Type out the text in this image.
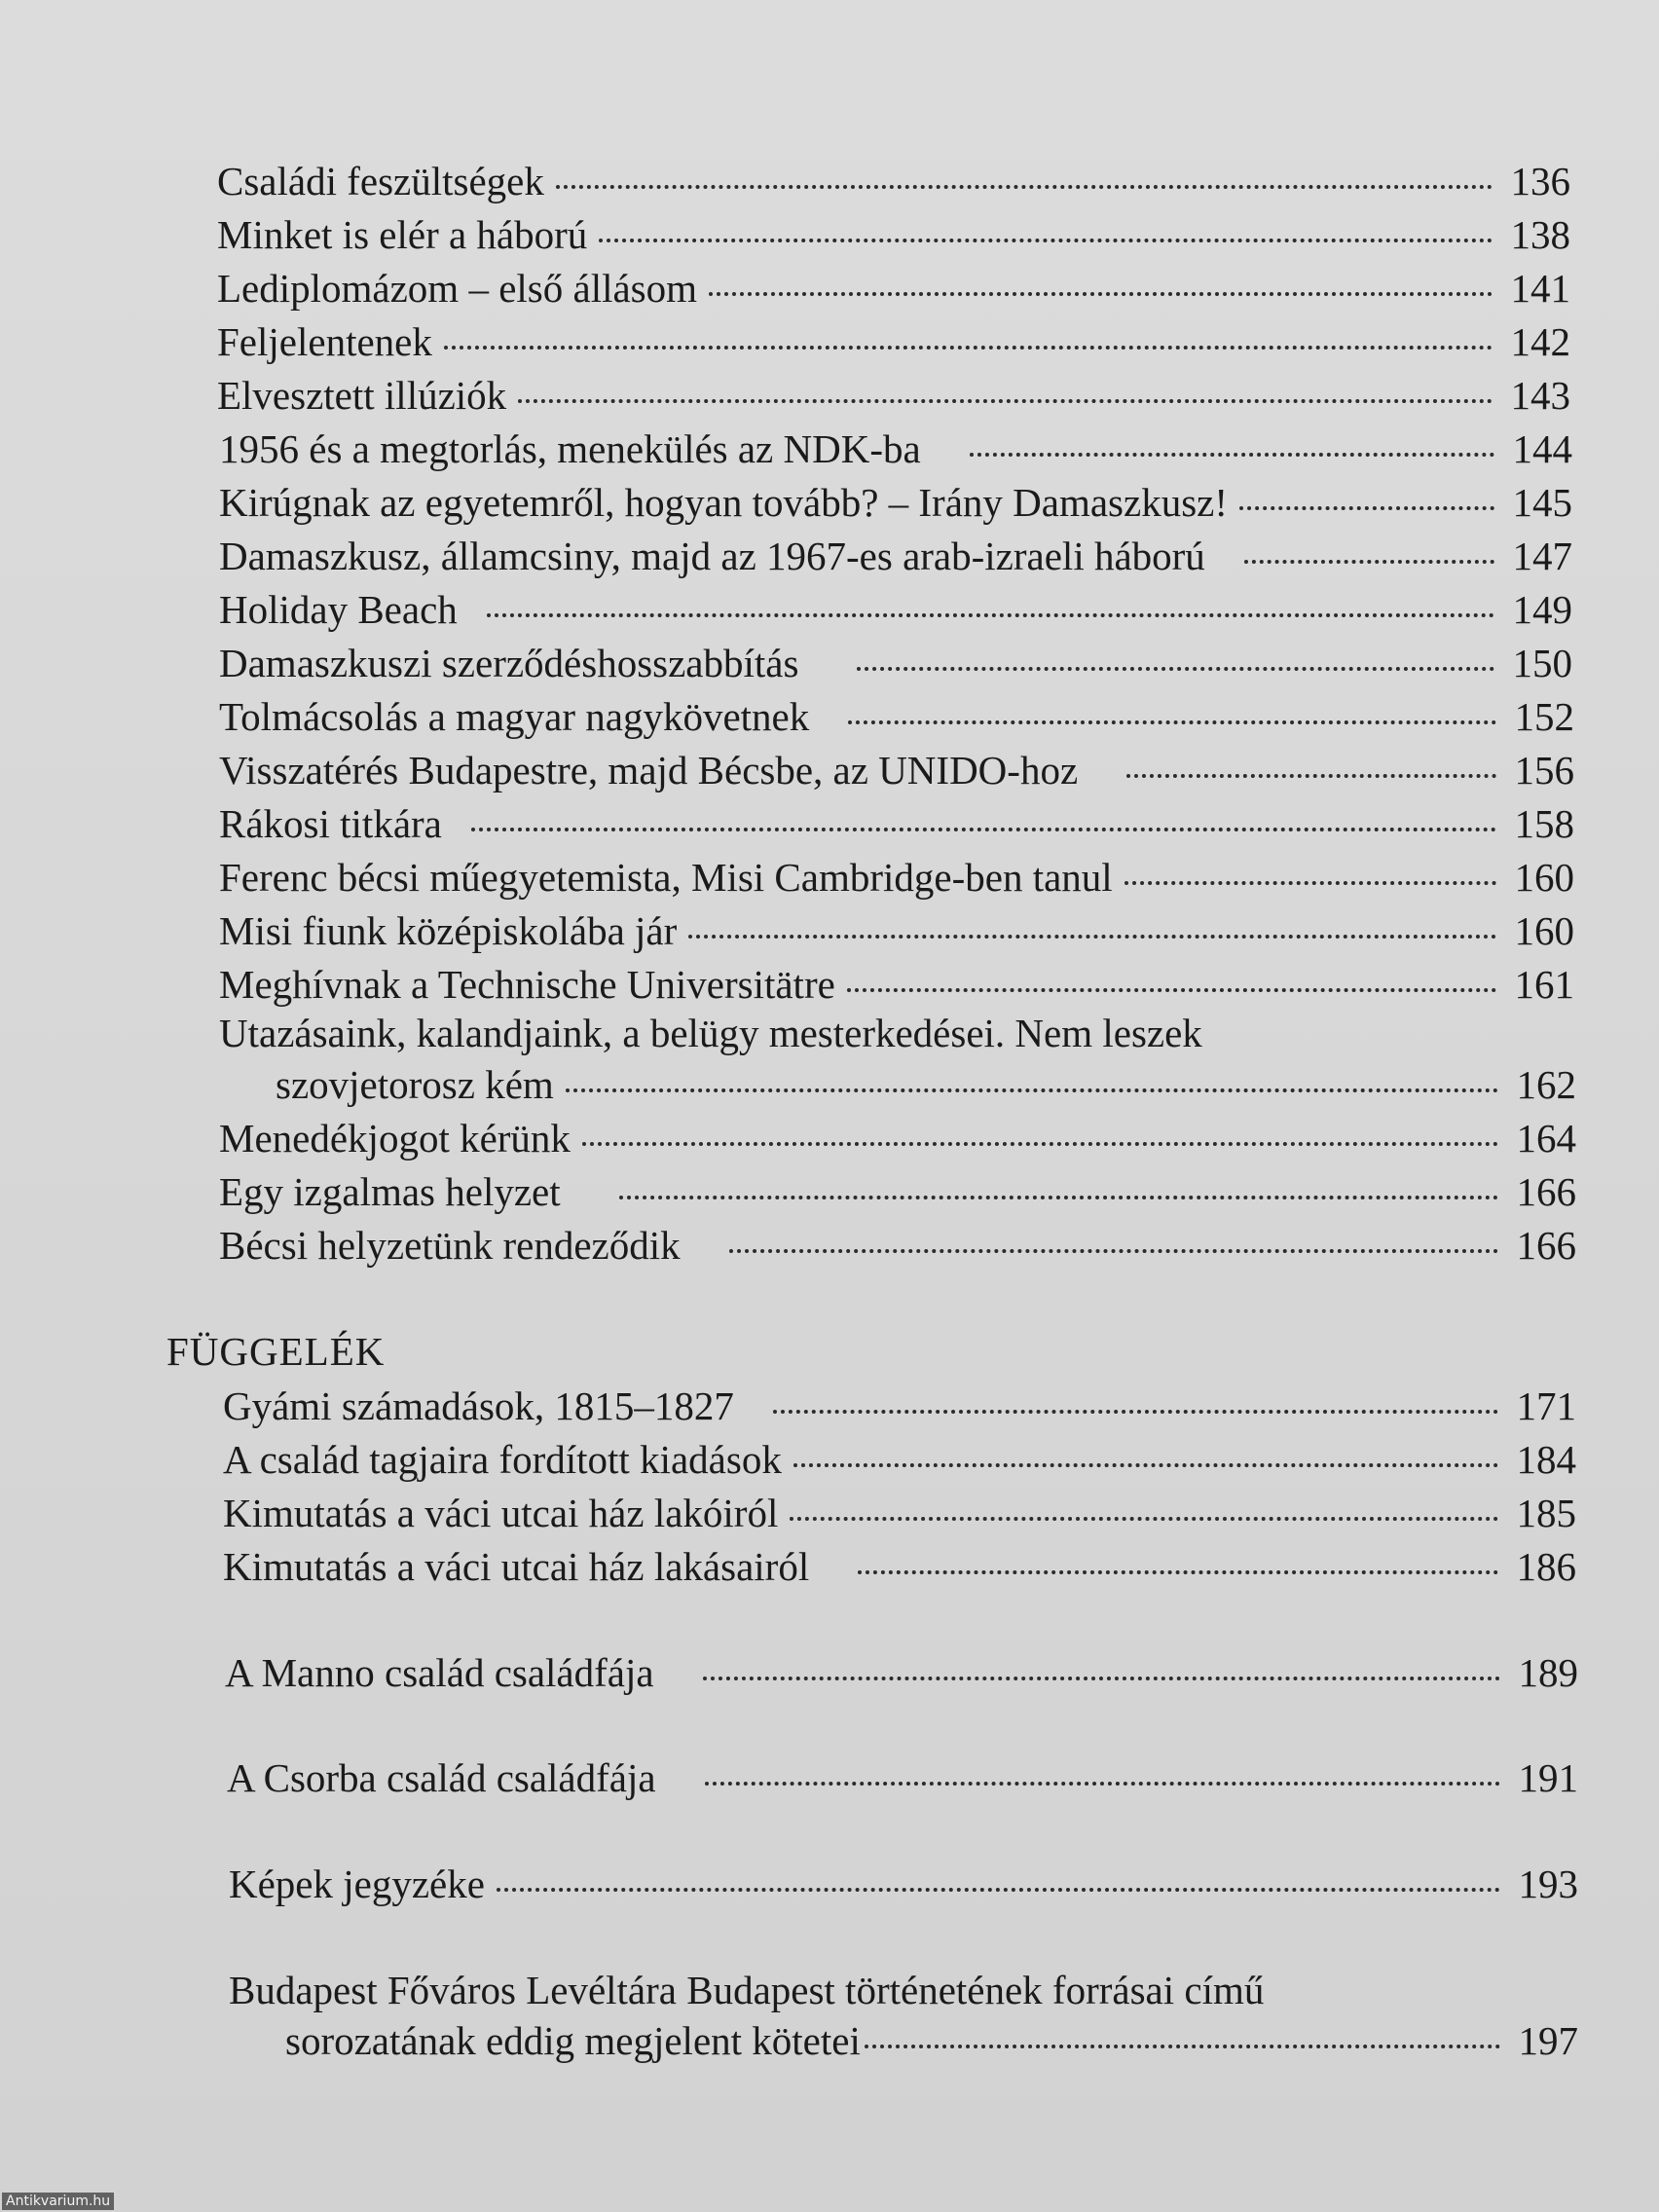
Családi feszültségek	136
Minket is elér a háború	138
Lediplomázom – első állásom	141
Feljelentenek	142
Elvesztett illúziók	143
1956 és a megtorlás, menekülés az NDK-ba	144
Kirúgnak az egyetemről, hogyan tovább? – Irány Damaszkusz!	145
Damaszkusz, államcsiny, majd az 1967-es arab-izraeli háború	147
Holiday Beach	149
Damaszkuszi szerződéshosszabbítás	150
Tolmácsolás a magyar nagykövetnek	152
Visszatérés Budapestre, majd Bécsbe, az UNIDO-hoz	156
Rákosi titkára	158
Ferenc bécsi műegyetemista, Misi Cambridge-ben tanul	160
Misi fiunk középiskolába jár	160
Meghívnak a Technische Universitätre	161
Utazásaink, kalandjaink, a belügy mesterkedései. Nem leszek
szovjetorosz kém	162
Menedékjogot kérünk	164
Egy izgalmas helyzet	166
Bécsi helyzetünk rendeződik	166
FÜGGELÉK
Gyámi számadások, 1815–1827	171
A család tagjaira fordított kiadások	184
Kimutatás a váci utcai ház lakóiról	185
Kimutatás a váci utcai ház lakásairól	186
A Manno család családfája	189
A Csorba család családfája	191
Képek jegyzéke	193
Budapest Főváros Levéltára Budapest történetének forrásai című
sorozatának eddig megjelent kötetei	197
Antikvarium.hu
